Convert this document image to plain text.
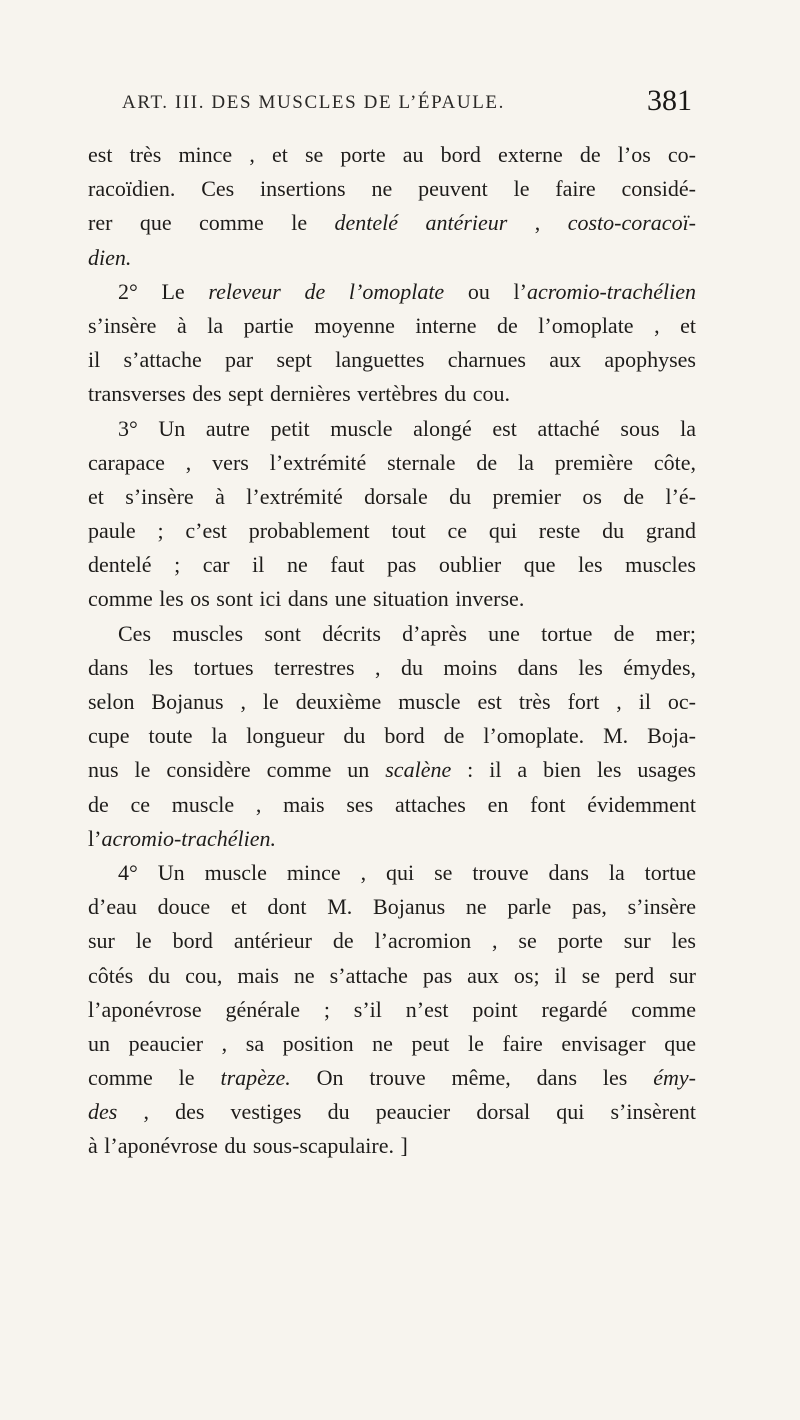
ART. III. DES MUSCLES DE L’ÉPAULE.	381
est très mince , et se porte au bord externe de l’os co-
racoïdien. Ces insertions ne peuvent le faire considé-
rer que comme le dentelé antérieur , costo-coracoï-
dien.
2° Le releveur de l’omoplate ou l’acromio-trachélien
s’insère à la partie moyenne interne de l’omoplate , et
il s’attache par sept languettes charnues aux apophyses
transverses des sept dernières vertèbres du cou.
3° Un autre petit muscle alongé est attaché sous la
carapace , vers l’extrémité sternale de la première côte,
et s’insère à l’extrémité dorsale du premier os de l’é-
paule ; c’est probablement tout ce qui reste du grand
dentelé ; car il ne faut pas oublier que les muscles
comme les os sont ici dans une situation inverse.
Ces muscles sont décrits d’après une tortue de mer;
dans les tortues terrestres , du moins dans les émydes,
selon Bojanus , le deuxième muscle est très fort , il oc-
cupe toute la longueur du bord de l’omoplate. M. Boja-
nus le considère comme un scalène : il a bien les usages
de ce muscle , mais ses attaches en font évidemment
l’acromio-trachélien.
4° Un muscle mince , qui se trouve dans la tortue
d’eau douce et dont M. Bojanus ne parle pas, s’insère
sur le bord antérieur de l’acromion , se porte sur les
côtés du cou, mais ne s’attache pas aux os; il se perd sur
l’aponévrose générale ; s’il n’est point regardé comme
un peaucier , sa position ne peut le faire envisager que
comme le trapèze. On trouve même, dans les émy-
des , des vestiges du peaucier dorsal qui s’insèrent
à l’aponévrose du sous-scapulaire. ]
